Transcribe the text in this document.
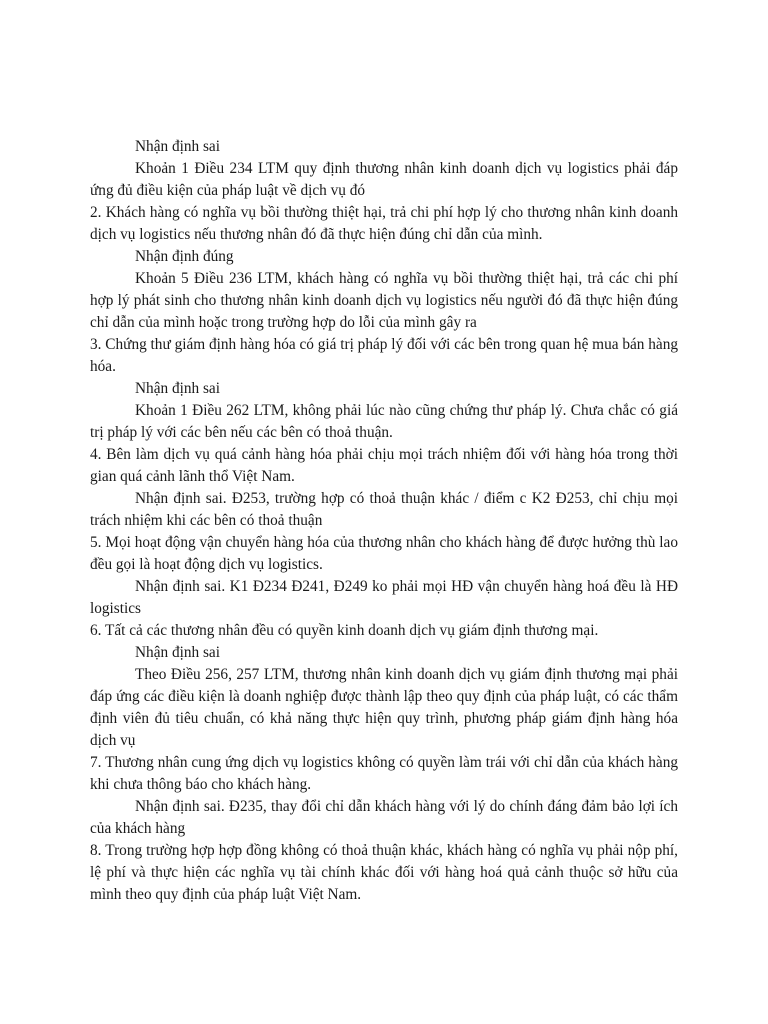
Nhận định sai

Khoản 1 Điều 234 LTM quy định thương nhân kinh doanh dịch vụ logistics phải đáp ứng đủ điều kiện của pháp luật về dịch vụ đó

2. Khách hàng có nghĩa vụ bồi thường thiệt hại, trả chi phí hợp lý cho thương nhân kinh doanh dịch vụ logistics nếu thương nhân đó đã thực hiện đúng chỉ dẫn của mình.

Nhận định đúng

Khoản 5 Điều 236 LTM, khách hàng có nghĩa vụ bồi thường thiệt hại, trả các chi phí hợp lý phát sinh cho thương nhân kinh doanh dịch vụ logistics nếu người đó đã thực hiện đúng chỉ dẫn của mình hoặc trong trường hợp do lỗi của mình gây ra

3. Chứng thư giám định hàng hóa có giá trị pháp lý đối với các bên trong quan hệ mua bán hàng hóa.

Nhận định sai

Khoản 1 Điều 262 LTM, không phải lúc nào cũng chứng thư pháp lý. Chưa chắc có giá trị pháp lý với các bên nếu các bên có thoả thuận.

4. Bên làm dịch vụ quá cảnh hàng hóa phải chịu mọi trách nhiệm đối với hàng hóa trong thời gian quá cảnh lãnh thổ Việt Nam.

Nhận định sai. Đ253, trường hợp có thoả thuận khác / điểm c K2 Đ253, chỉ chịu mọi trách nhiệm khi các bên có thoả thuận

5. Mọi hoạt động vận chuyển hàng hóa của thương nhân cho khách hàng để được hưởng thù lao đều gọi là hoạt động dịch vụ logistics.

Nhận định sai. K1 Đ234 Đ241, Đ249 ko phải mọi HĐ vận chuyển hàng hoá đều là HĐ logistics

6. Tất cả các thương nhân đều có quyền kinh doanh dịch vụ giám định thương mại.

Nhận định sai

Theo Điều 256, 257 LTM, thương nhân kinh doanh dịch vụ giám định thương mại phải đáp ứng các điều kiện là doanh nghiệp được thành lập theo quy định của pháp luật, có các thẩm định viên đủ tiêu chuẩn, có khả năng thực hiện quy trình, phương pháp giám định hàng hóa dịch vụ

7. Thương nhân cung ứng dịch vụ logistics không có quyền làm trái với chỉ dẫn của khách hàng khi chưa thông báo cho khách hàng.

Nhận định sai. Đ235, thay đổi chỉ dẫn khách hàng với lý do chính đáng đảm bảo lợi ích của khách hàng

8. Trong trường hợp hợp đồng không có thoả thuận khác, khách hàng có nghĩa vụ phải nộp phí, lệ phí và thực hiện các nghĩa vụ tài chính khác đối với hàng hoá quả cảnh thuộc sở hữu của mình theo quy định của pháp luật Việt Nam.
